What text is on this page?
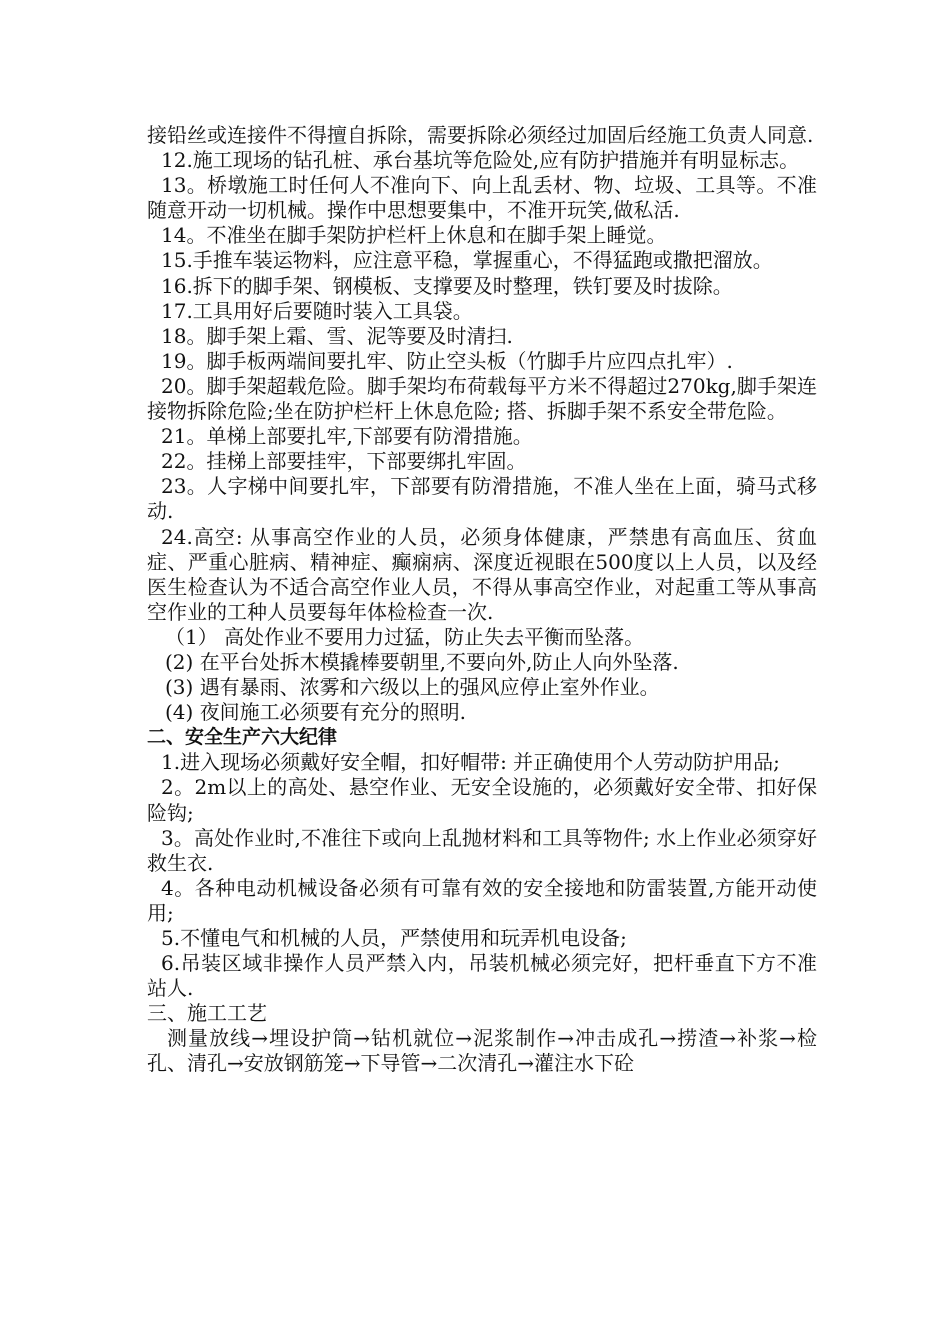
接铅丝或连接件不得擅自拆除，需要拆除必须经过加固后经施工负责人同意.

12.施工现场的钻孔桩、承台基坑等危险处,应有防护措施并有明显标志。

13。桥墩施工时任何人不准向下、向上乱丢材、物、垃圾、工具等。不准随意开动一切机械。操作中思想要集中，不准开玩笑,做私活.

14。不准坐在脚手架防护栏杆上休息和在脚手架上睡觉。

15.手推车装运物料，应注意平稳，掌握重心，不得猛跑或撒把溜放。

16.拆下的脚手架、钢模板、支撑要及时整理，铁钉要及时拔除。

17.工具用好后要随时装入工具袋。

18。脚手架上霜、雪、泥等要及时清扫.

19。脚手板两端间要扎牢、防止空头板（竹脚手片应四点扎牢）.

20。脚手架超载危险。脚手架均布荷载每平方米不得超过270kg,脚手架连接物拆除危险;坐在防护栏杆上休息危险; 搭、拆脚手架不系安全带危险。

21。单梯上部要扎牢,下部要有防滑措施。

22。挂梯上部要挂牢，下部要绑扎牢固。

23。人字梯中间要扎牢，下部要有防滑措施，不准人坐在上面，骑马式移动.

24.高空: 从事高空作业的人员，必须身体健康，严禁患有高血压、贫血症、严重心脏病、精神症、癫痫病、深度近视眼在500度以上人员，以及经医生检查认为不适合高空作业人员，不得从事高空作业，对起重工等从事高空作业的工种人员要每年体检检查一次.

（1） 高处作业不要用力过猛，防止失去平衡而坠落。

(2) 在平台处拆木模撬棒要朝里,不要向外,防止人向外坠落.

(3) 遇有暴雨、浓雾和六级以上的强风应停止室外作业。

(4) 夜间施工必须要有充分的照明.

二、安全生产六大纪律

1.进入现场必须戴好安全帽，扣好帽带: 并正确使用个人劳动防护用品;

2。2m以上的高处、悬空作业、无安全设施的，必须戴好安全带、扣好保险钩;

3。高处作业时,不准往下或向上乱抛材料和工具等物件; 水上作业必须穿好救生衣.

4。各种电动机械设备必须有可靠有效的安全接地和防雷装置,方能开动使用;

5.不懂电气和机械的人员，严禁使用和玩弄机电设备;

6.吊装区域非操作人员严禁入内，吊装机械必须完好，把杆垂直下方不准站人.

三、施工工艺

测量放线→埋设护筒→钻机就位→泥浆制作→冲击成孔→捞渣→补浆→检孔、清孔→安放钢筋笼→下导管→二次清孔→灌注水下砼
